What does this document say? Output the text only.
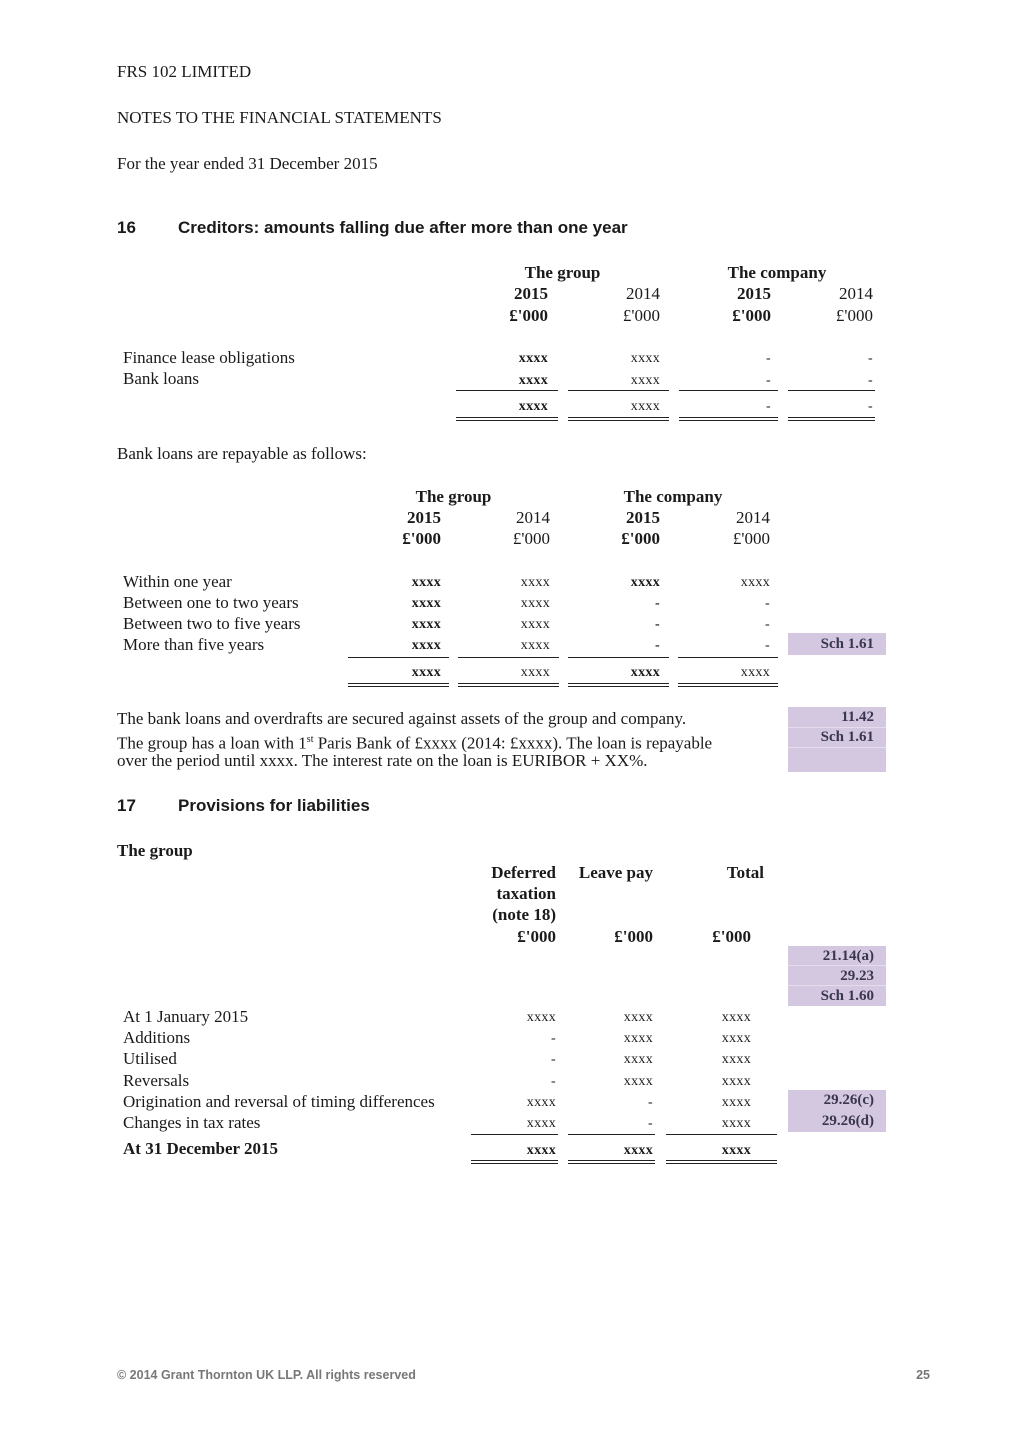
FRS 102 LIMITED
NOTES TO THE FINANCIAL STATEMENTS
For the year ended 31 December 2015
16 Creditors: amounts falling due after more than one year
The group	The company
2015	2014	2015	2014
£'000	£'000	£'000	£'000
Finance lease obligations	xxxx	xxxx	-	-
Bank loans	xxxx	xxxx	-	-
xxxx	xxxx	-	-
Bank loans are repayable as follows:
The group	The company
2015	2014	2015	2014
£'000	£'000	£'000	£'000
Within one year	xxxx	xxxx	xxxx	xxxx
Between one to two years	xxxx	xxxx	-	-
Between two to five years	xxxx	xxxx	-	-
More than five years	xxxx	xxxx	-	-	Sch 1.61
xxxx	xxxx	xxxx	xxxx
The bank loans and overdrafts are secured against assets of the group and company.
The group has a loan with 1st Paris Bank of £xxxx (2014: £xxxx). The loan is repayable
over the period until xxxx. The interest rate on the loan is EURIBOR + XX%.
11.42
Sch 1.61
17 Provisions for liabilities
The group
Deferred
taxation
(note 18)
Leave pay	Total
£'000	£'000	£'000
21.14(a)
29.23
Sch 1.60
At 1 January 2015	xxxx	xxxx	xxxx
Additions	-	xxxx	xxxx
Utilised	-	xxxx	xxxx
Reversals	-	xxxx	xxxx
Origination and reversal of timing differences	xxxx	-	xxxx	29.26(c)
Changes in tax rates	xxxx	-	xxxx	29.26(d)
At 31 December 2015	xxxx	xxxx	xxxx
© 2014 Grant Thornton UK LLP. All rights reserved	25
